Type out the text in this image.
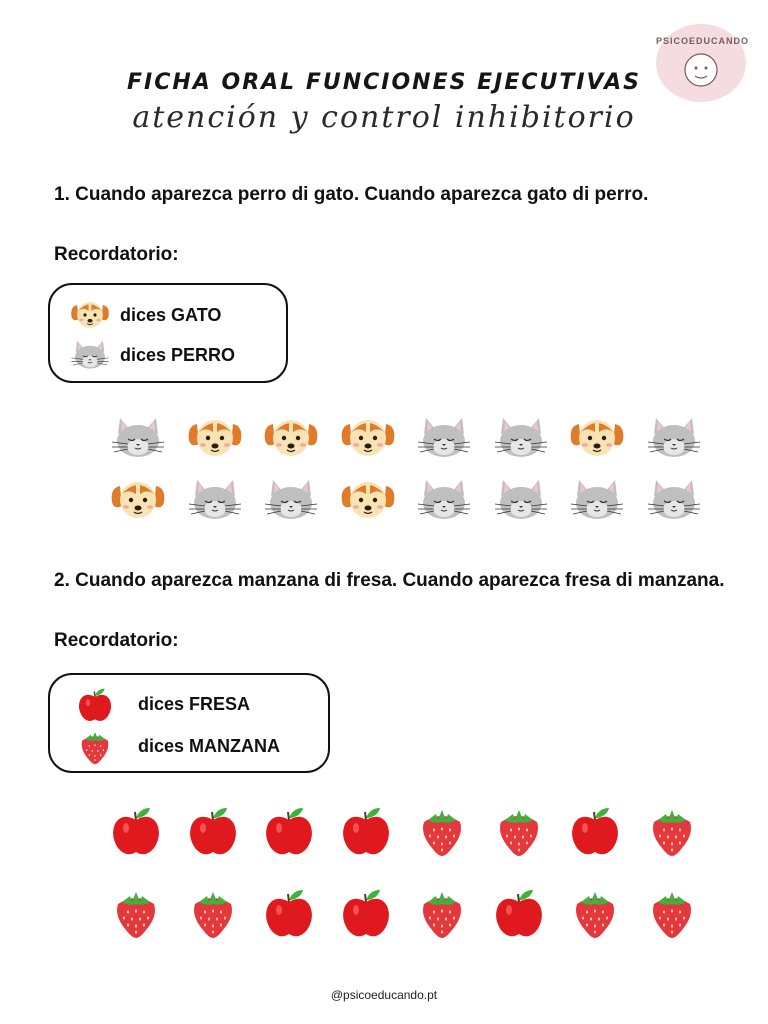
FICHA ORAL FUNCIONES EJECUTIVAS
atención y control inhibitorio
PSICOEDUCANDO
1. Cuando aparezca perro di gato. Cuando aparezca gato di perro.
Recordatorio:
dices GATO
dices PERRO
2. Cuando aparezca manzana di fresa. Cuando aparezca fresa di manzana.
Recordatorio:
dices FRESA
dices MANZANA
@psicoeducando.pt
